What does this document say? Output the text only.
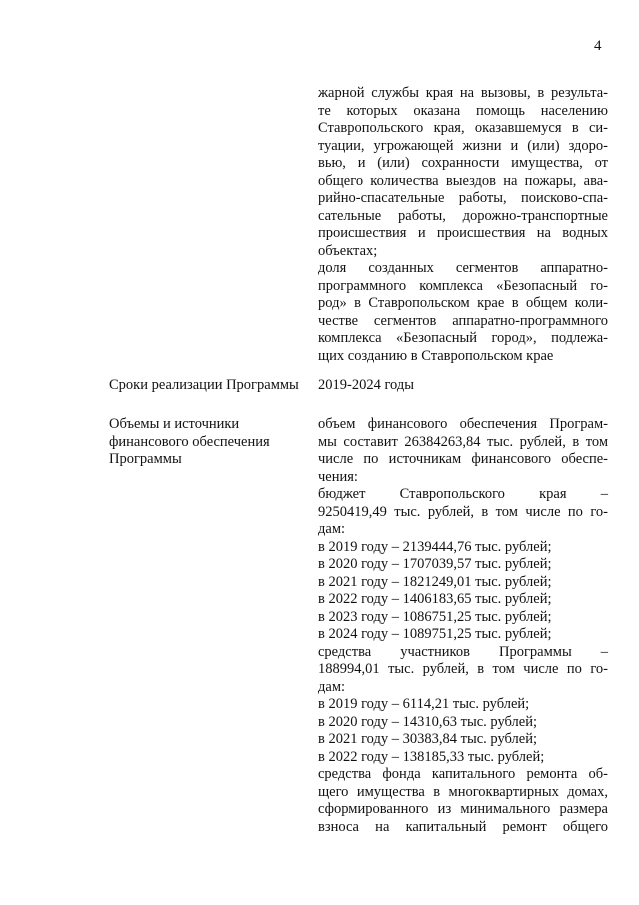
4
жарной службы края на вызовы, в результа-
те которых оказана помощь населению
Ставропольского края, оказавшемуся в си-
туации, угрожающей жизни и (или) здоро-
вью, и (или) сохранности имущества, от
общего количества выездов на пожары, ава-
рийно-спасательные работы, поисково-спа-
сательные работы, дорожно-транспортные
происшествия и происшествия на водных
объектах;
доля созданных сегментов аппаратно-
программного комплекса «Безопасный го-
род» в Ставропольском крае в общем коли-
честве сегментов аппаратно-программного
комплекса «Безопасный город», подлежа-
щих созданию в Ставропольском крае
Сроки реализации Программы	2019-2024 годы
Объемы и источники
финансового обеспечения
Программы
объем финансового обеспечения Програм-
мы составит 26384263,84 тыс. рублей, в том
числе по источникам финансового обеспе-
чения:
бюджет Ставропольского края –
9250419,49 тыс. рублей, в том числе по го-
дам:
в 2019 году – 2139444,76 тыс. рублей;
в 2020 году – 1707039,57 тыс. рублей;
в 2021 году – 1821249,01 тыс. рублей;
в 2022 году – 1406183,65 тыс. рублей;
в 2023 году – 1086751,25 тыс. рублей;
в 2024 году – 1089751,25 тыс. рублей;
средства участников Программы –
188994,01 тыс. рублей, в том числе по го-
дам:
в 2019 году – 6114,21 тыс. рублей;
в 2020 году – 14310,63 тыс. рублей;
в 2021 году – 30383,84 тыс. рублей;
в 2022 году – 138185,33 тыс. рублей;
средства фонда капитального ремонта об-
щего имущества в многоквартирных домах,
сформированного из минимального размера
взноса на капитальный ремонт общего
